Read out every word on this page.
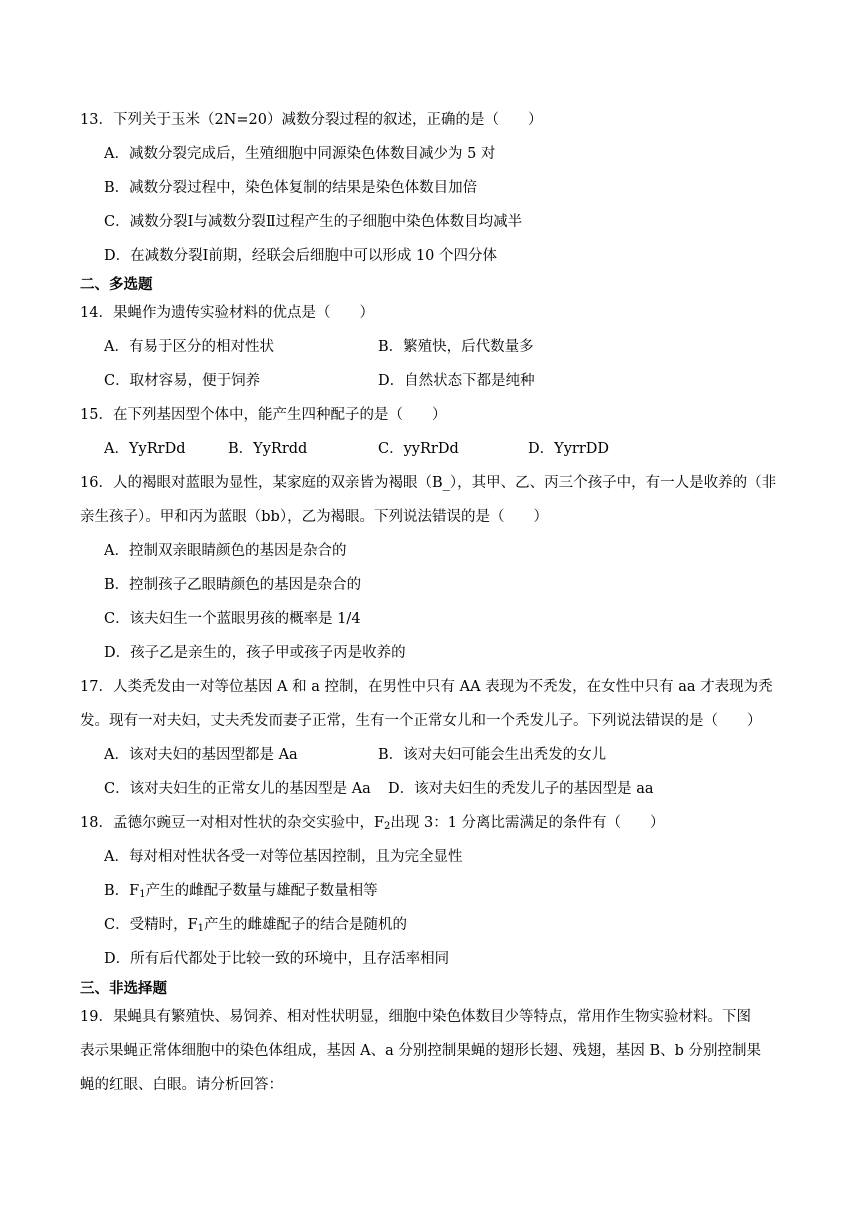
13．下列关于玉米（2N=20）减数分裂过程的叙述，正确的是（　　）
A．减数分裂完成后，生殖细胞中同源染色体数目减少为 5 对
B．减数分裂过程中，染色体复制的结果是染色体数目加倍
C．减数分裂Ⅰ与减数分裂Ⅱ过程产生的子细胞中染色体数目均减半
D．在减数分裂Ⅰ前期，经联会后细胞中可以形成 10 个四分体
二、多选题
14．果蝇作为遗传实验材料的优点是（　　）
A．有易于区分的相对性状	B．繁殖快，后代数量多
C．取材容易，便于饲养	D．自然状态下都是纯种
15．在下列基因型个体中，能产生四种配子的是（　　）
A．YyRrDd	B．YyRrdd	C．yyRrDd	D．YyrrDD
16．人的褐眼对蓝眼为显性，某家庭的双亲皆为褐眼（B_），其甲、乙、丙三个孩子中，有一人是收养的（非
亲生孩子）。甲和丙为蓝眼（bb），乙为褐眼。下列说法错误的是（　　）
A．控制双亲眼睛颜色的基因是杂合的
B．控制孩子乙眼睛颜色的基因是杂合的
C．该夫妇生一个蓝眼男孩的概率是 1/4
D．孩子乙是亲生的，孩子甲或孩子丙是收养的
17．人类秃发由一对等位基因 A 和 a 控制，在男性中只有 AA 表现为不秃发，在女性中只有 aa 才表现为秃
发。现有一对夫妇，丈夫秃发而妻子正常，生有一个正常女儿和一个秃发儿子。下列说法错误的是（　　）
A．该对夫妇的基因型都是 Aa	B．该对夫妇可能会生出秃发的女儿
C．该对夫妇生的正常女儿的基因型是 Aa D．该对夫妇生的秃发儿子的基因型是 aa
18．孟德尔豌豆一对相对性状的杂交实验中，$F_2$出现 3：1 分离比需满足的条件有（　　）
A．每对相对性状各受一对等位基因控制，且为完全显性
B．$F_1$产生的雌配子数量与雄配子数量相等
C．受精时，$F_1$产生的雌雄配子的结合是随机的
D．所有后代都处于比较一致的环境中，且存活率相同
三、非选择题
19．果蝇具有繁殖快、易饲养、相对性状明显，细胞中染色体数目少等特点，常用作生物实验材料。下图
表示果蝇正常体细胞中的染色体组成，基因 A、a 分别控制果蝇的翅形长翅、残翅，基因 B、b 分别控制果
蝇的红眼、白眼。请分析回答：
